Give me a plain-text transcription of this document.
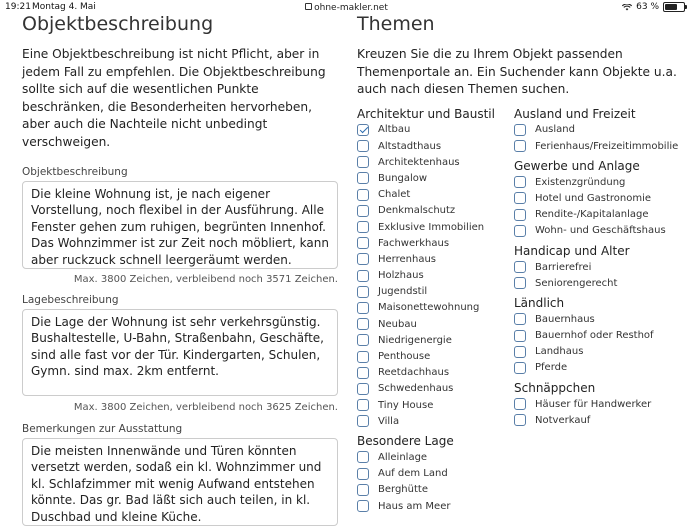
19:21 Montag 4. Mai	ohne-makler.net	63 %
Objektbeschreibung

Eine Objektbeschreibung ist nicht Pflicht, aber in jedem Fall zu empfehlen. Die Objektbeschreibung sollte sich auf die wesentlichen Punkte beschränken, die Besonderheiten hervorheben, aber auch die Nachteile nicht unbedingt verschweigen.

Objektbeschreibung
Die kleine Wohnung ist, je nach eigener Vorstellung, noch flexibel in der Ausführung. Alle Fenster gehen zum ruhigen, begrünten Innenhof.
Das Wohnzimmer ist zur Zeit noch möbliert, kann aber ruckzuck schnell leergeräumt werden.
Max. 3800 Zeichen, verbleibend noch 3571 Zeichen.
Lagebeschreibung
Die Lage der Wohnung ist sehr verkehrsgünstig. Bushaltestelle, U-Bahn, Straßenbahn, Geschäfte, sind alle fast vor der Tür. Kindergarten, Schulen, Gymn. sind max. 2km entfernt.
Max. 3800 Zeichen, verbleibend noch 3625 Zeichen.
Bemerkungen zur Ausstattung
Die meisten Innenwände und Türen könnten versetzt werden, sodaß ein kl. Wohnzimmer und kl. Schlafzimmer mit wenig Aufwand entstehen könnte. Das gr. Bad läßt sich auch teilen, in kl. Duschbad und kleine Küche.
Themen

Kreuzen Sie die zu Ihrem Objekt passenden Themenportale an. Ein Suchender kann Objekte u.a. auch nach diesen Themen suchen.

Architektur und Baustil
Altbau
Altstadthaus
Architektenhaus
Bungalow
Chalet
Denkmalschutz
Exklusive Immobilien
Fachwerkhaus
Herrenhaus
Holzhaus
Jugendstil
Maisonettewohnung
Neubau
Niedrigenergie
Penthouse
Reetdachhaus
Schwedenhaus
Tiny House
Villa
Besondere Lage
Alleinlage
Auf dem Land
Berghütte
Haus am Meer
Ausland und Freizeit
Ausland
Ferienhaus/Freizeitimmobilie
Gewerbe und Anlage
Existenzgründung
Hotel und Gastronomie
Rendite-/Kapitalanlage
Wohn- und Geschäftshaus
Handicap und Alter
Barrierefrei
Seniorengerecht
Ländlich
Bauernhaus
Bauernhof oder Resthof
Landhaus
Pferde
Schnäppchen
Häuser für Handwerker
Notverkauf
